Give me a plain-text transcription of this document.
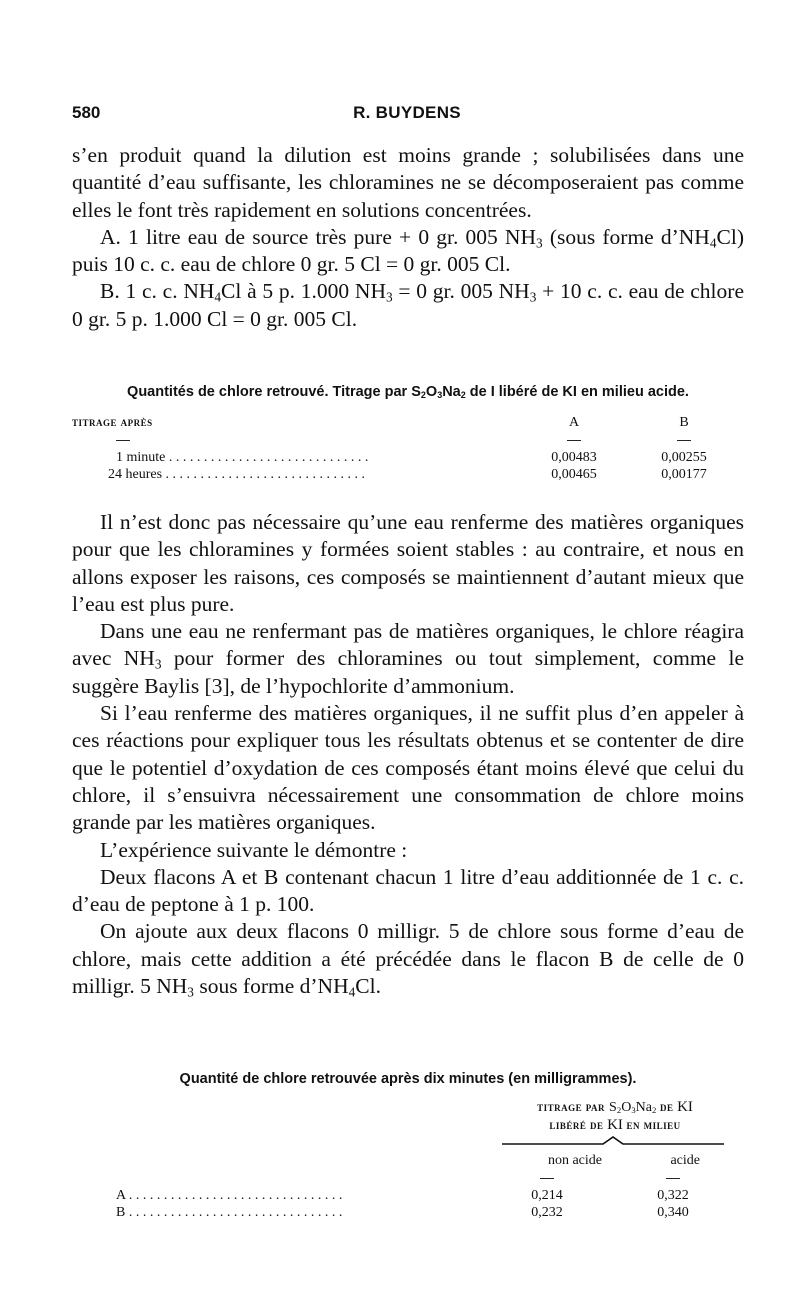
580	R. BUYDENS

s’en produit quand la dilution est moins grande ; solubilisées dans une quantité d’eau suffisante, les chloramines ne se décomposeraient pas comme elles le font très rapidement en solutions concentrées.

A. 1 litre eau de source très pure + 0 gr. 005 $NH_3$ (sous forme $d’NH_4Cl$) puis 10 c. c. eau de chlore 0 gr. 5 Cl = 0 gr. 005 Cl.

B. 1 c. c. $NH_4Cl$ à 5 p. 1.000 $NH_3 = 0$ gr. 005 $NH_3 + 10$ c. c. eau de chlore 0 gr. 5 p. 1.000 Cl = 0 gr. 005 Cl.

Quantités de chlore retrouvé. Titrage par $S_2O_3Na_2$ de I libéré de KI en milieu acide.
titrage après	A	B
—	—	—
1 minute . . . . . . . . . . . . . . . . . . . . . . . . . . . . .	0,00483	0,00255
24 heures . . . . . . . . . . . . . . . . . . . . . . . . . . . . .	0,00465	0,00177

Il n’est donc pas nécessaire qu’une eau renferme des matières organiques pour que les chloramines y formées soient stables : au contraire, et nous en allons exposer les raisons, ces composés se maintiennent d’autant mieux que l’eau est plus pure.

Dans une eau ne renfermant pas de matières organiques, le chlore réagira avec $NH_3$ pour former des chloramines ou tout simplement, comme le suggère Baylis [3], de l’hypochlorite d’ammonium.

Si l’eau renferme des matières organiques, il ne suffit plus d’en appeler à ces réactions pour expliquer tous les résultats obtenus et se contenter de dire que le potentiel d’oxydation de ces composés étant moins élevé que celui du chlore, il s’ensuivra nécessairement une consommation de chlore moins grande par les matières organiques.

L’expérience suivante le démontre :

Deux flacons A et B contenant chacun 1 litre d’eau additionnée de 1 c. c. d’eau de peptone à 1 p. 100.

On ajoute aux deux flacons 0 milligr. 5 de chlore sous forme d’eau de chlore, mais cette addition a été précédée dans le flacon B de celle de 0 milligr. 5 $NH_3$ sous forme $d’NH_4Cl$.

Quantité de chlore retrouvée après dix minutes (en milligrammes).
titrage par $S_2O_3Na_2$ de KI
libéré de KI en milieu
	non acide	acide
	—	—
A . . . . . . . . . . . . . . . . . . . . . . . . . . . . . . .	0,214	0,322
B . . . . . . . . . . . . . . . . . . . . . . . . . . . . . . .	0,232	0,340
